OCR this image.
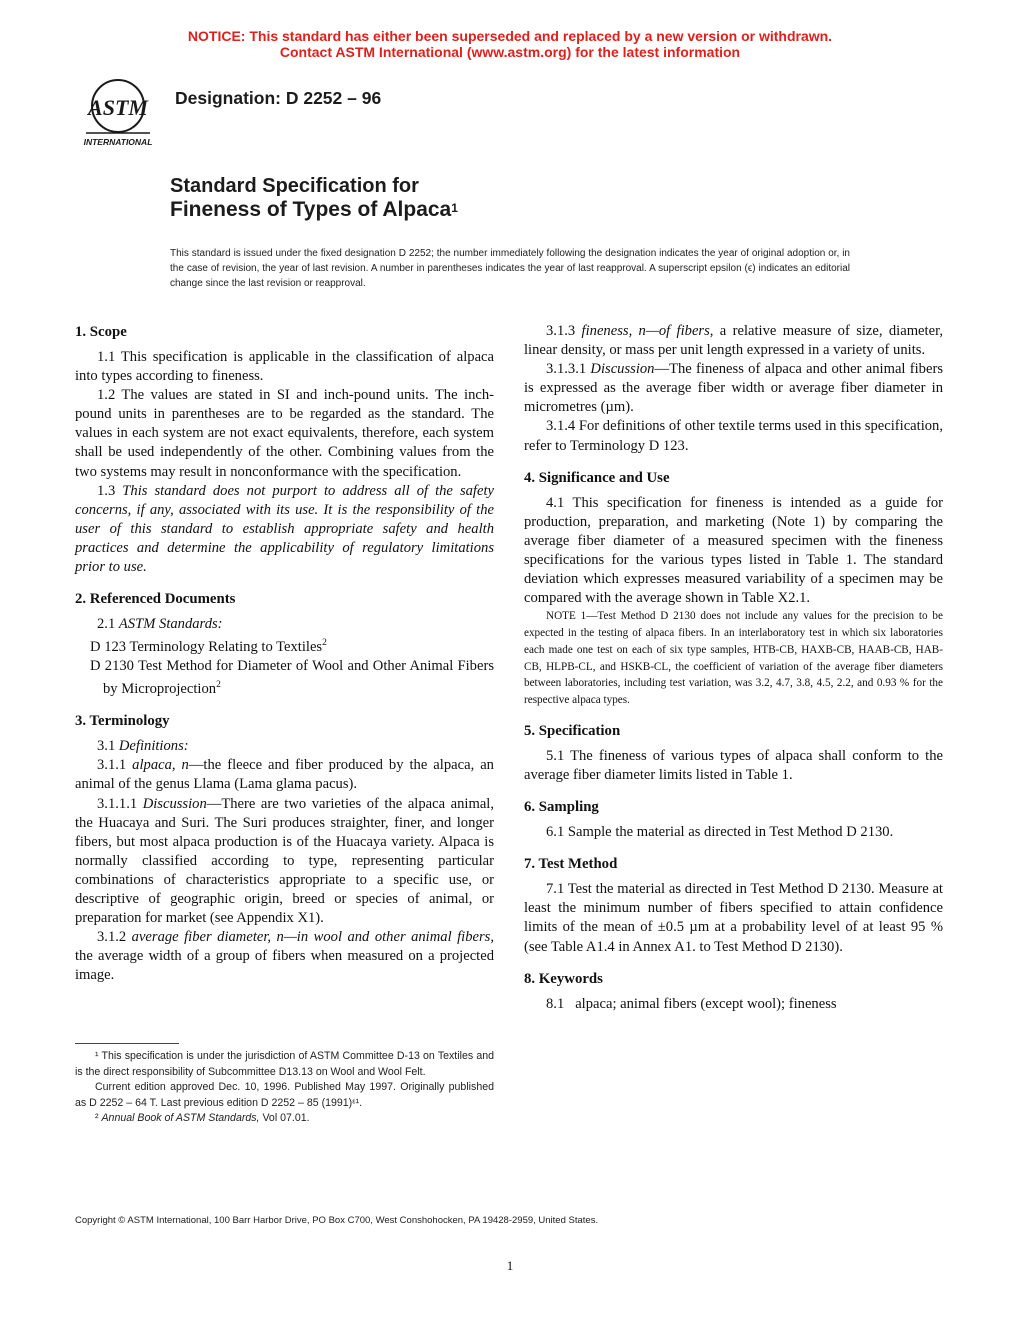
NOTICE: This standard has either been superseded and replaced by a new version or withdrawn.
Contact ASTM International (www.astm.org) for the latest information
ASTM
INTERNATIONAL
Designation: D 2252 – 96
Standard Specification for
Fineness of Types of Alpaca$^1$
This standard is issued under the fixed designation D 2252; the number immediately following the designation indicates the year of original adoption or, in the case of revision, the year of last revision. A number in parentheses indicates the year of last reapproval. A superscript epsilon (ϵ) indicates an editorial change since the last revision or reapproval.
1. Scope

1.1 This specification is applicable in the classification of alpaca into types according to fineness.

1.2 The values are stated in SI and inch-pound units. The inch-pound units in parentheses are to be regarded as the standard. The values in each system are not exact equivalents, therefore, each system shall be used independently of the other. Combining values from the two systems may result in nonconformance with the specification.

1.3 This standard does not purport to address all of the safety concerns, if any, associated with its use. It is the responsibility of the user of this standard to establish appropriate safety and health practices and determine the applicability of regulatory limitations prior to use.

2. Referenced Documents

2.1 ASTM Standards:

D 123 Terminology Relating to Textiles$^2$

D 2130 Test Method for Diameter of Wool and Other Animal Fibers by Microprojection$^2$

3. Terminology

3.1 Definitions:

3.1.1 alpaca, n—the fleece and fiber produced by the alpaca, an animal of the genus Llama (Lama glama pacus).

3.1.1.1 Discussion—There are two varieties of the alpaca animal, the Huacaya and Suri. The Suri produces straighter, finer, and longer fibers, but most alpaca production is of the Huacaya variety. Alpaca is normally classified according to type, representing particular combinations of characteristics appropriate to a specific use, or descriptive of geographic origin, breed or species of animal, or preparation for market (see Appendix X1).

3.1.2 average fiber diameter, n—in wool and other animal fibers, the average width of a group of fibers when measured on a projected image.

¹ This specification is under the jurisdiction of ASTM Committee D-13 on Textiles and is the direct responsibility of Subcommittee D13.13 on Wool and Wool Felt.

Current edition approved Dec. 10, 1996. Published May 1997. Originally published as D 2252 – 64 T. Last previous edition D 2252 – 85 (1991)ᵋ¹.

² Annual Book of ASTM Standards, Vol 07.01.

3.1.3 fineness, n—of fibers, a relative measure of size, diameter, linear density, or mass per unit length expressed in a variety of units.

3.1.3.1 Discussion—The fineness of alpaca and other animal fibers is expressed as the average fiber width or average fiber diameter in micrometres (µm).

3.1.4 For definitions of other textile terms used in this specification, refer to Terminology D 123.

4. Significance and Use

4.1 This specification for fineness is intended as a guide for production, preparation, and marketing (Note 1) by comparing the average fiber diameter of a measured specimen with the fineness specifications for the various types listed in Table 1. The standard deviation which expresses measured variability of a specimen may be compared with the average shown in Table X2.1.

NOTE 1—Test Method D 2130 does not include any values for the precision to be expected in the testing of alpaca fibers. In an interlaboratory test in which six laboratories each made one test on each of six type samples, HTB-CB, HAXB-CB, HAAB-CB, HAB-CB, HLPB-CL, and HSKB-CL, the coefficient of variation of the average fiber diameters between laboratories, including test variation, was 3.2, 4.7, 3.8, 4.5, 2.2, and 0.93 % for the respective alpaca types.

5. Specification

5.1 The fineness of various types of alpaca shall conform to the average fiber diameter limits listed in Table 1.

6. Sampling

6.1 Sample the material as directed in Test Method D 2130.

7. Test Method

7.1 Test the material as directed in Test Method D 2130. Measure at least the minimum number of fibers specified to attain confidence limits of the mean of ±0.5 µm at a probability level of at least 95 % (see Table A1.4 in Annex A1. to Test Method D 2130).

8. Keywords

8.1   alpaca; animal fibers (except wool); fineness

Copyright © ASTM International, 100 Barr Harbor Drive, PO Box C700, West Conshohocken, PA 19428-2959, United States.
1
